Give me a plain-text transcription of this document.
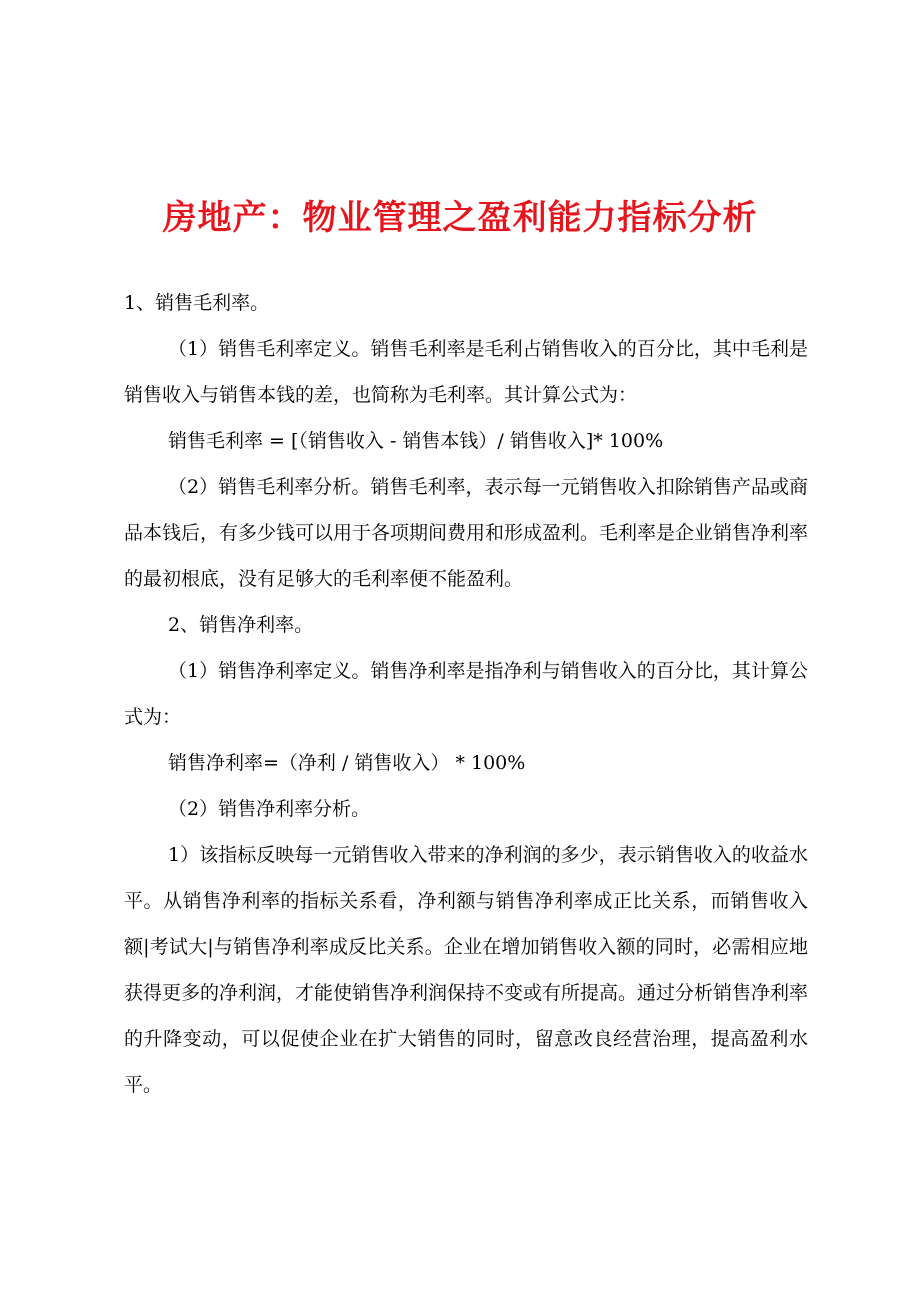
房地产：物业管理之盈利能力指标分析

1、销售毛利率。

（1）销售毛利率定义。销售毛利率是毛利占销售收入的百分比，其中毛利是销售收入与销售本钱的差，也简称为毛利率。其计算公式为：

销售毛利率 = [（销售收入 - 销售本钱）/ 销售收入]* 100%

（2）销售毛利率分析。销售毛利率，表示每一元销售收入扣除销售产品或商品本钱后，有多少钱可以用于各项期间费用和形成盈利。毛利率是企业销售净利率的最初根底，没有足够大的毛利率便不能盈利。

2、销售净利率。

（1）销售净利率定义。销售净利率是指净利与销售收入的百分比，其计算公式为：

销售净利率=（净利 / 销售收入） * 100%

（2）销售净利率分析。

1）该指标反映每一元销售收入带来的净利润的多少，表示销售收入的收益水平。从销售净利率的指标关系看，净利额与销售净利率成正比关系，而销售收入额|考试大|与销售净利率成反比关系。企业在增加销售收入额的同时，必需相应地获得更多的净利润，才能使销售净利润保持不变或有所提高。通过分析销售净利率的升降变动，可以促使企业在扩大销售的同时，留意改良经营治理，提高盈利水平。
